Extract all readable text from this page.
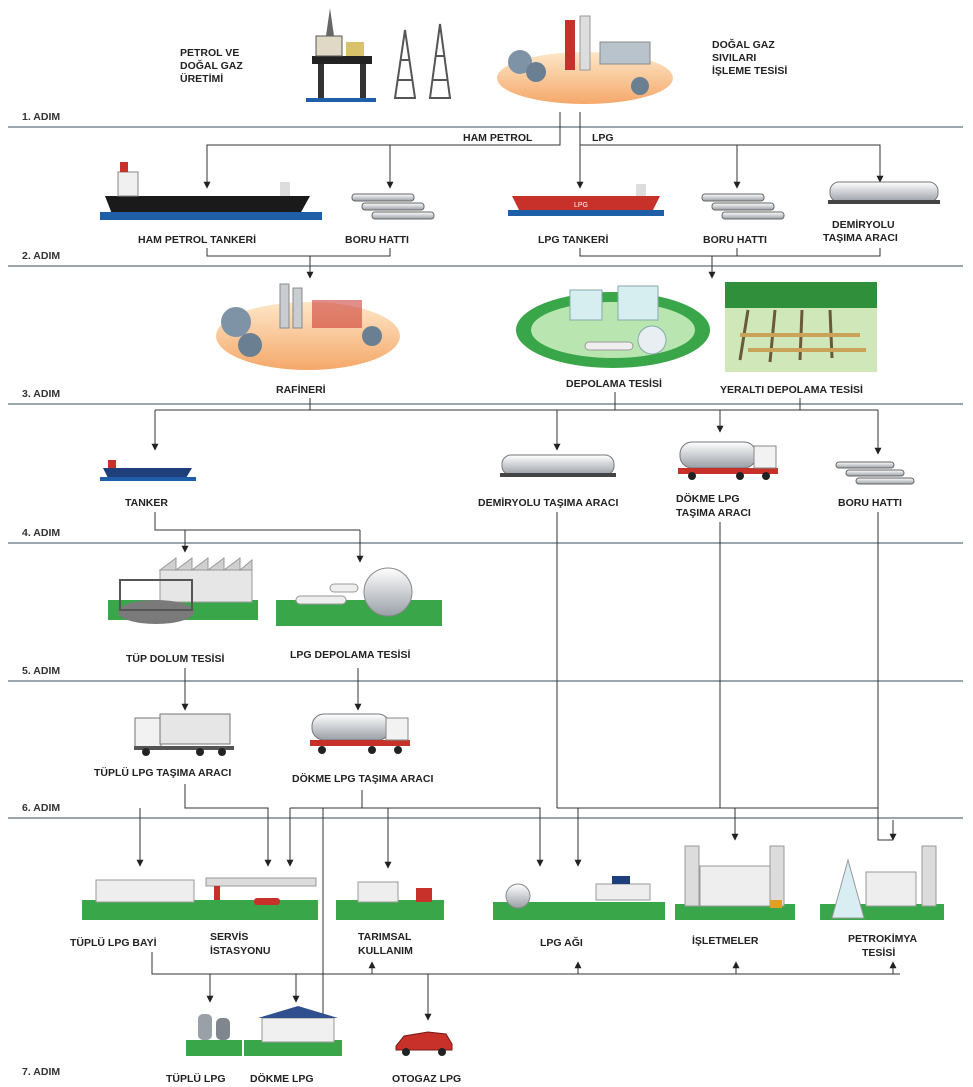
1. ADIM
2. ADIM
3. ADIM
4. ADIM
5. ADIM
6. ADIM
7. ADIM
PETROL VE DOĞAL GAZ ÜRETİMİ
DOĞAL GAZ SIVILARI İŞLEME TESİSİ
HAM PETROL	LPG
HAM PETROL TANKERİ	BORU HATTI
LPG
LPG TANKERİ	BORU HATTI
DEMİRYOLU TAŞIMA ARACI
RAFİNERİ	DEPOLAMA TESİSİ	YERALTI DEPOLAMA TESİSİ
TANKER	DEMİRYOLU TAŞIMA ARACI	DÖKME LPG TAŞIMA ARACI
BORU HATTI
TÜP DOLUM TESİSİ	LPG DEPOLAMA TESİSİ
TÜPLÜ LPG TAŞIMA ARACI	DÖKME LPG TAŞIMA ARACI
TÜPLÜ LPG BAYİ	SERVİS İSTASYONU
TARIMSAL KULLANIM
LPG AĞI	İŞLETMELER	PETROKİMYA TESİSİ
TÜPLÜ LPG DÖKME LPG	OTOGAZ LPG
